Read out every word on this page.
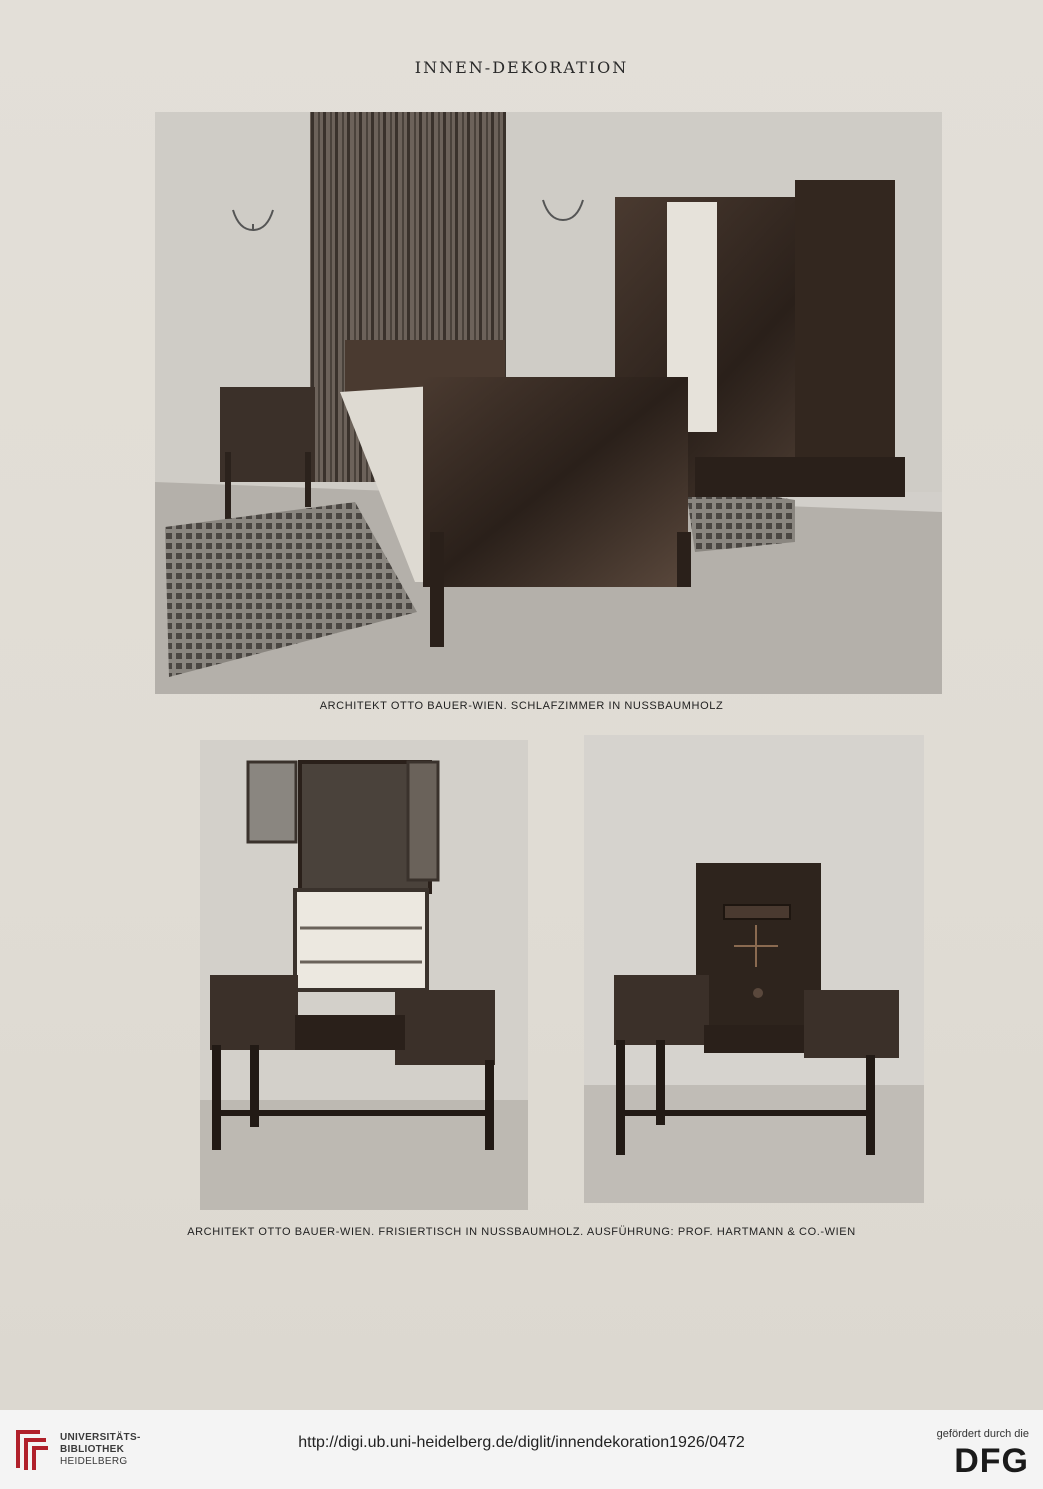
INNEN-DEKORATION
ARCHITEKT OTTO BAUER-WIEN. SCHLAFZIMMER IN NUSSBAUMHOLZ
ARCHITEKT OTTO BAUER-WIEN. FRISIERTISCH IN NUSSBAUMHOLZ. AUSFÜHRUNG: PROF. HARTMANN & CO.-WIEN
UNIVERSITÄTS-
BIBLIOTHEK
HEIDELBERG
http://digi.ub.uni-heidelberg.de/diglit/innendekoration1926/0472	gefördert durch die
DFG
